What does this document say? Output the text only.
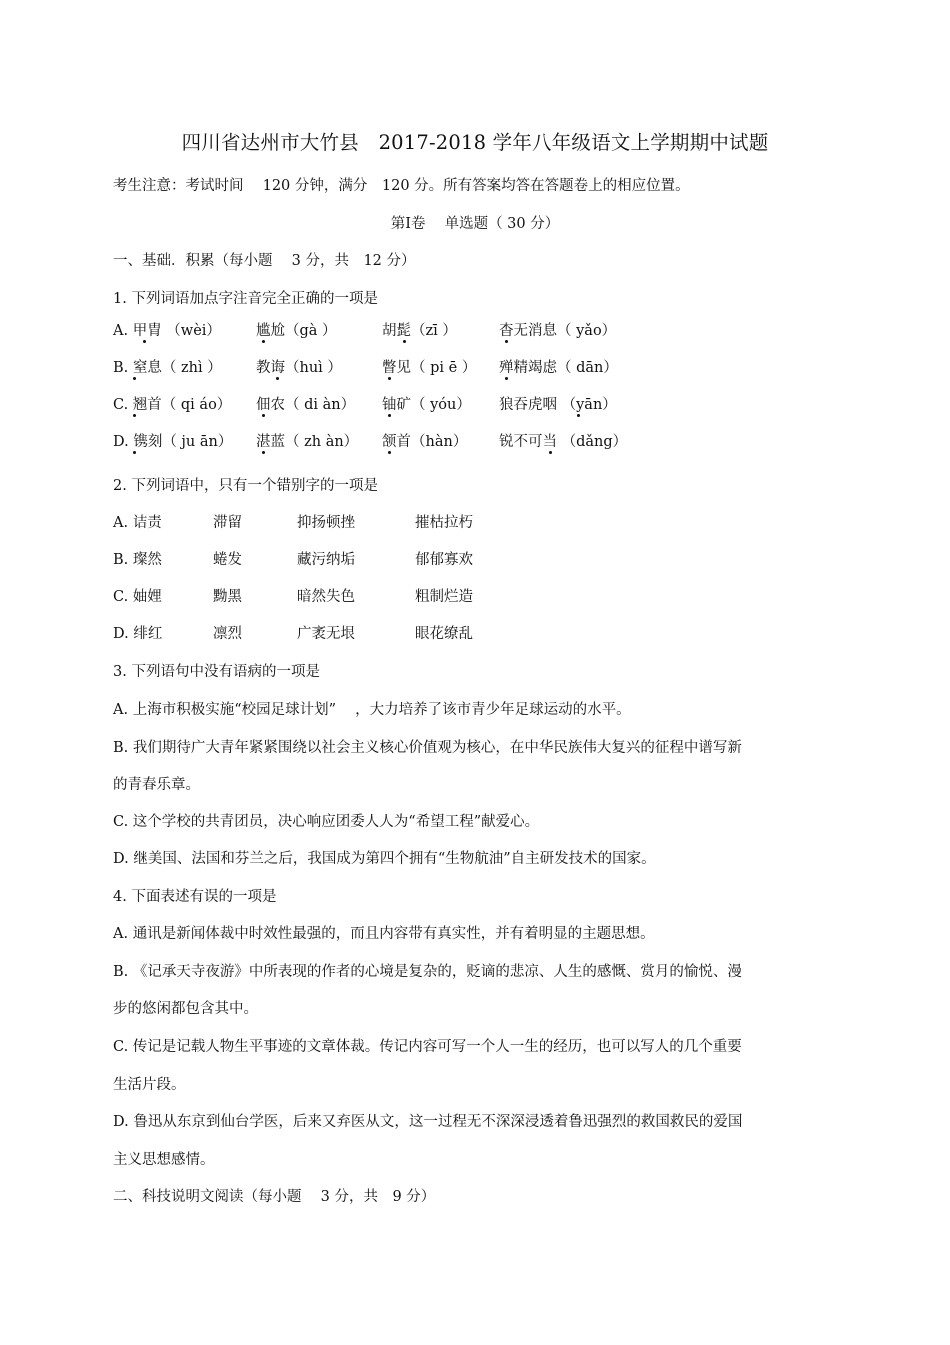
四川省达州市大竹县　2017-2018 学年八年级语文上学期期中试题
考生注意：考试时间　 120 分钟，满分　120 分。所有答案均答在答题卷上的相应位置。
第Ⅰ卷　 单选题（ 30 分）
一、基础．积累（每小题　 3 分，共　12 分）
1. 下列词语加点字注音完全正确的一项是
A. 甲胄 （wèi） 尴尬（gà ）	胡髭（zī ）	杳无消息（ yǎo）
B. 窒息（ zhì ） 教诲（huì ）	瞥见（ pi ē ） 殚精竭虑（ dān）
C. 翘首（ qi áo） 佃农（ di àn） 铀矿（ yóu） 狼吞虎咽 （yān）
D. 镌刻（ ju ān） 湛蓝（ zh àn） 颔首（hàn） 锐不可当 （dǎng）
2. 下列词语中，只有一个错别字的一项是
A. 诘责	滞留	抑扬顿挫	摧枯拉朽
B. 璨然	蜷发	藏污纳垢	郁郁寡欢
C. 妯娌	黝黑	暗然失色	粗制烂造
D. 绯红	凛烈	广袤无垠	眼花缭乱
3. 下列语句中没有语病的一项是
A. 上海市积极实施“校园足球计划”　 ，大力培养了该市青少年足球运动的水平。
B. 我们期待广大青年紧紧围绕以社会主义核心价值观为核心，在中华民族伟大复兴的征程中谱写新
的青春乐章。
C. 这个学校的共青团员，决心响应团委人人为“希望工程”献爱心。
D. 继美国、法国和芬兰之后，我国成为第四个拥有“生物航油”自主研发技术的国家。
4. 下面表述有误的一项是
A. 通讯是新闻体裁中时效性最强的，而且内容带有真实性，并有着明显的主题思想。
B. 《记承天寺夜游》中所表现的作者的心境是复杂的，贬谪的悲凉、人生的感慨、赏月的愉悦、漫
步的悠闲都包含其中。
C. 传记是记载人物生平事迹的文章体裁。传记内容可写一个人一生的经历，也可以写人的几个重要
生活片段。
D. 鲁迅从东京到仙台学医，后来又弃医从文，这一过程无不深深浸透着鲁迅强烈的救国救民的爱国
主义思想感情。
二、科技说明文阅读（每小题　 3 分，共　9 分）
